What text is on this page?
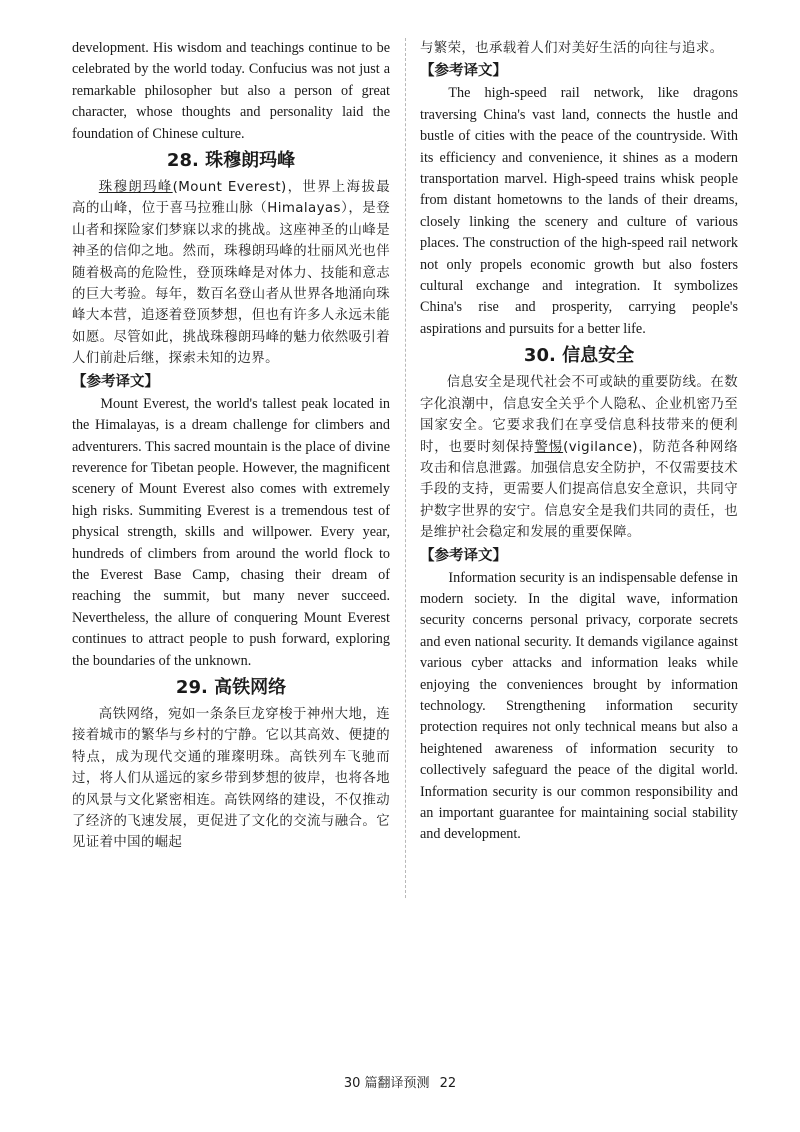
development. His wisdom and teachings continue to be celebrated by the world today. Confucius was not just a remarkable philosopher but also a person of great character, whose thoughts and personality laid the foundation of Chinese culture.

28. 珠穆朗玛峰

珠穆朗玛峰(Mount Everest)，世界上海拔最高的山峰，位于喜马拉雅山脉（Himalayas），是登山者和探险家们梦寐以求的挑战。这座神圣的山峰是神圣的信仰之地。然而，珠穆朗玛峰的壮丽风光也伴随着极高的危险性，登顶珠峰是对体力、技能和意志的巨大考验。每年，数百名登山者从世界各地涌向珠峰大本营，追逐着登顶梦想，但也有许多人永远未能如愿。尽管如此，挑战珠穆朗玛峰的魅力依然吸引着人们前赴后继，探索未知的边界。

【参考译文】

Mount Everest, the world's tallest peak located in the Himalayas, is a dream challenge for climbers and adventurers. This sacred mountain is the place of divine reverence for Tibetan people. However, the magnificent scenery of Mount Everest also comes with extremely high risks. Summiting Everest is a tremendous test of physical strength, skills and willpower. Every year, hundreds of climbers from around the world flock to the Everest Base Camp, chasing their dream of reaching the summit, but many never succeed. Nevertheless, the allure of conquering Mount Everest continues to attract people to push forward, exploring the boundaries of the unknown.

29. 高铁网络

高铁网络，宛如一条条巨龙穿梭于神州大地，连接着城市的繁华与乡村的宁静。它以其高效、便捷的特点，成为现代交通的璀璨明珠。高铁列车飞驰而过，将人们从遥远的家乡带到梦想的彼岸，也将各地的风景与文化紧密相连。高铁网络的建设，不仅推动了经济的飞速发展，更促进了文化的交流与融合。它见证着中国的崛起

与繁荣，也承载着人们对美好生活的向往与追求。

【参考译文】

The high-speed rail network, like dragons traversing China's vast land, connects the hustle and bustle of cities with the peace of the countryside. With its efficiency and convenience, it shines as a modern transportation marvel. High-speed trains whisk people from distant hometowns to the lands of their dreams, closely linking the scenery and culture of various places. The construction of the high-speed rail network not only propels economic growth but also fosters cultural exchange and integration. It symbolizes China's rise and prosperity, carrying people's aspirations and pursuits for a better life.

30. 信息安全

信息安全是现代社会不可或缺的重要防线。在数字化浪潮中，信息安全关乎个人隐私、企业机密乃至国家安全。它要求我们在享受信息科技带来的便利时，也要时刻保持警惕(vigilance)，防范各种网络攻击和信息泄露。加强信息安全防护，不仅需要技术手段的支持，更需要人们提高信息安全意识，共同守护数字世界的安宁。信息安全是我们共同的责任，也是维护社会稳定和发展的重要保障。

【参考译文】

Information security is an indispensable defense in modern society. In the digital wave, information security concerns personal privacy, corporate secrets and even national security. It demands vigilance against various cyber attacks and information leaks while enjoying the conveniences brought by information technology. Strengthening information security protection requires not only technical means but also a heightened awareness of information security to collectively safeguard the peace of the digital world. Information security is our common responsibility and an important guarantee for maintaining social stability and development.

30 篇翻译预测 22
